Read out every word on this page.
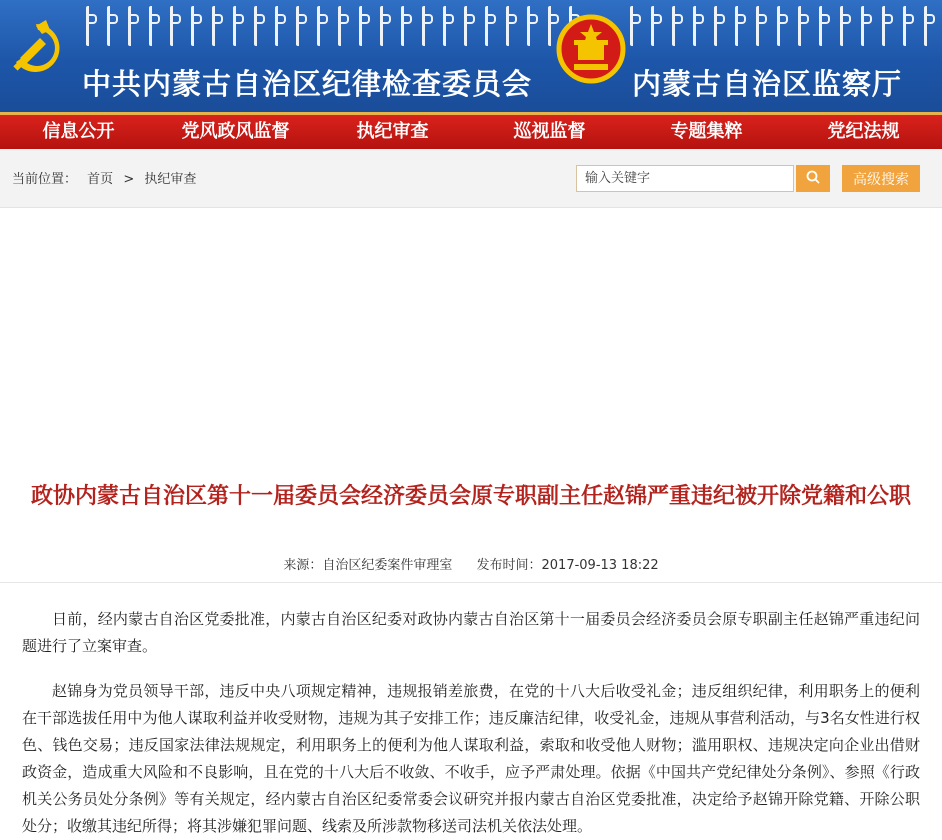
中共内蒙古自治区纪律检查委员会	内蒙古自治区监察厅
信息公开	党风政风监督	执纪审查	巡视监督	专题集粹	党纪法规
当前位置： 首页 > 执纪审查
输入关键字	高级搜索
政协内蒙古自治区第十一届委员会经济委员会原专职副主任赵锦严重违纪被开除党籍和公职
来源：自治区纪委案件审理室 发布时间：2017-09-13 18:22

日前，经内蒙古自治区党委批准，内蒙古自治区纪委对政协内蒙古自治区第十一届委员会经济委员会原专职副主任赵锦严重违纪问题进行了立案审查。

赵锦身为党员领导干部，违反中央八项规定精神，违规报销差旅费，在党的十八大后收受礼金；违反组织纪律，利用职务上的便利在干部选拔任用中为他人谋取利益并收受财物，违规为其子安排工作；违反廉洁纪律，收受礼金，违规从事营利活动，与3名女性进行权色、钱色交易；违反国家法律法规规定，利用职务上的便利为他人谋取利益，索取和收受他人财物；滥用职权、违规决定向企业出借财政资金，造成重大风险和不良影响，且在党的十八大后不收敛、不收手，应予严肃处理。依据《中国共产党纪律处分条例》、参照《行政机关公务员处分条例》等有关规定，经内蒙古自治区纪委常委会议研究并报内蒙古自治区党委批准，决定给予赵锦开除党籍、开除公职处分；收缴其违纪所得；将其涉嫌犯罪问题、线索及所涉款物移送司法机关依法处理。
